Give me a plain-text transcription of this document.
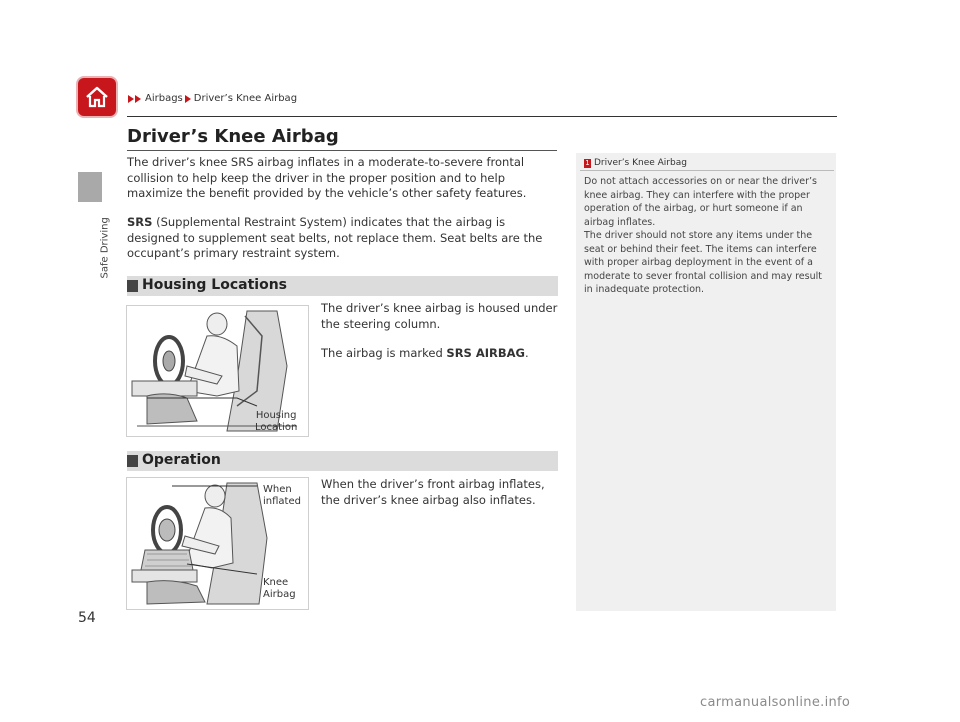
Safe Driving
Airbags Driver’s Knee Airbag
Driver’s Knee Airbag
The driver’s knee SRS airbag inflates in a moderate-to-severe frontal collision to help keep the driver in the proper position and to help maximize the benefit provided by the vehicle’s other safety features.
SRS (Supplemental Restraint System) indicates that the airbag is designed to supplement seat belts, not replace them. Seat belts are the occupant’s primary restraint system.
Housing Locations
Housing
Location
The driver’s knee airbag is housed under the steering column.
The airbag is marked SRS AIRBAG.
Operation
When
inflated
Knee
Airbag
When the driver’s front airbag inflates, the driver’s knee airbag also inflates.
1 Driver’s Knee Airbag
Do not attach accessories on or near the driver’s knee airbag. They can interfere with the proper operation of the airbag, or hurt someone if an airbag inflates.
The driver should not store any items under the seat or behind their feet. The items can interfere with proper airbag deployment in the event of a moderate to sever frontal collision and may result in inadequate protection.
54
carmanualsonline.info
